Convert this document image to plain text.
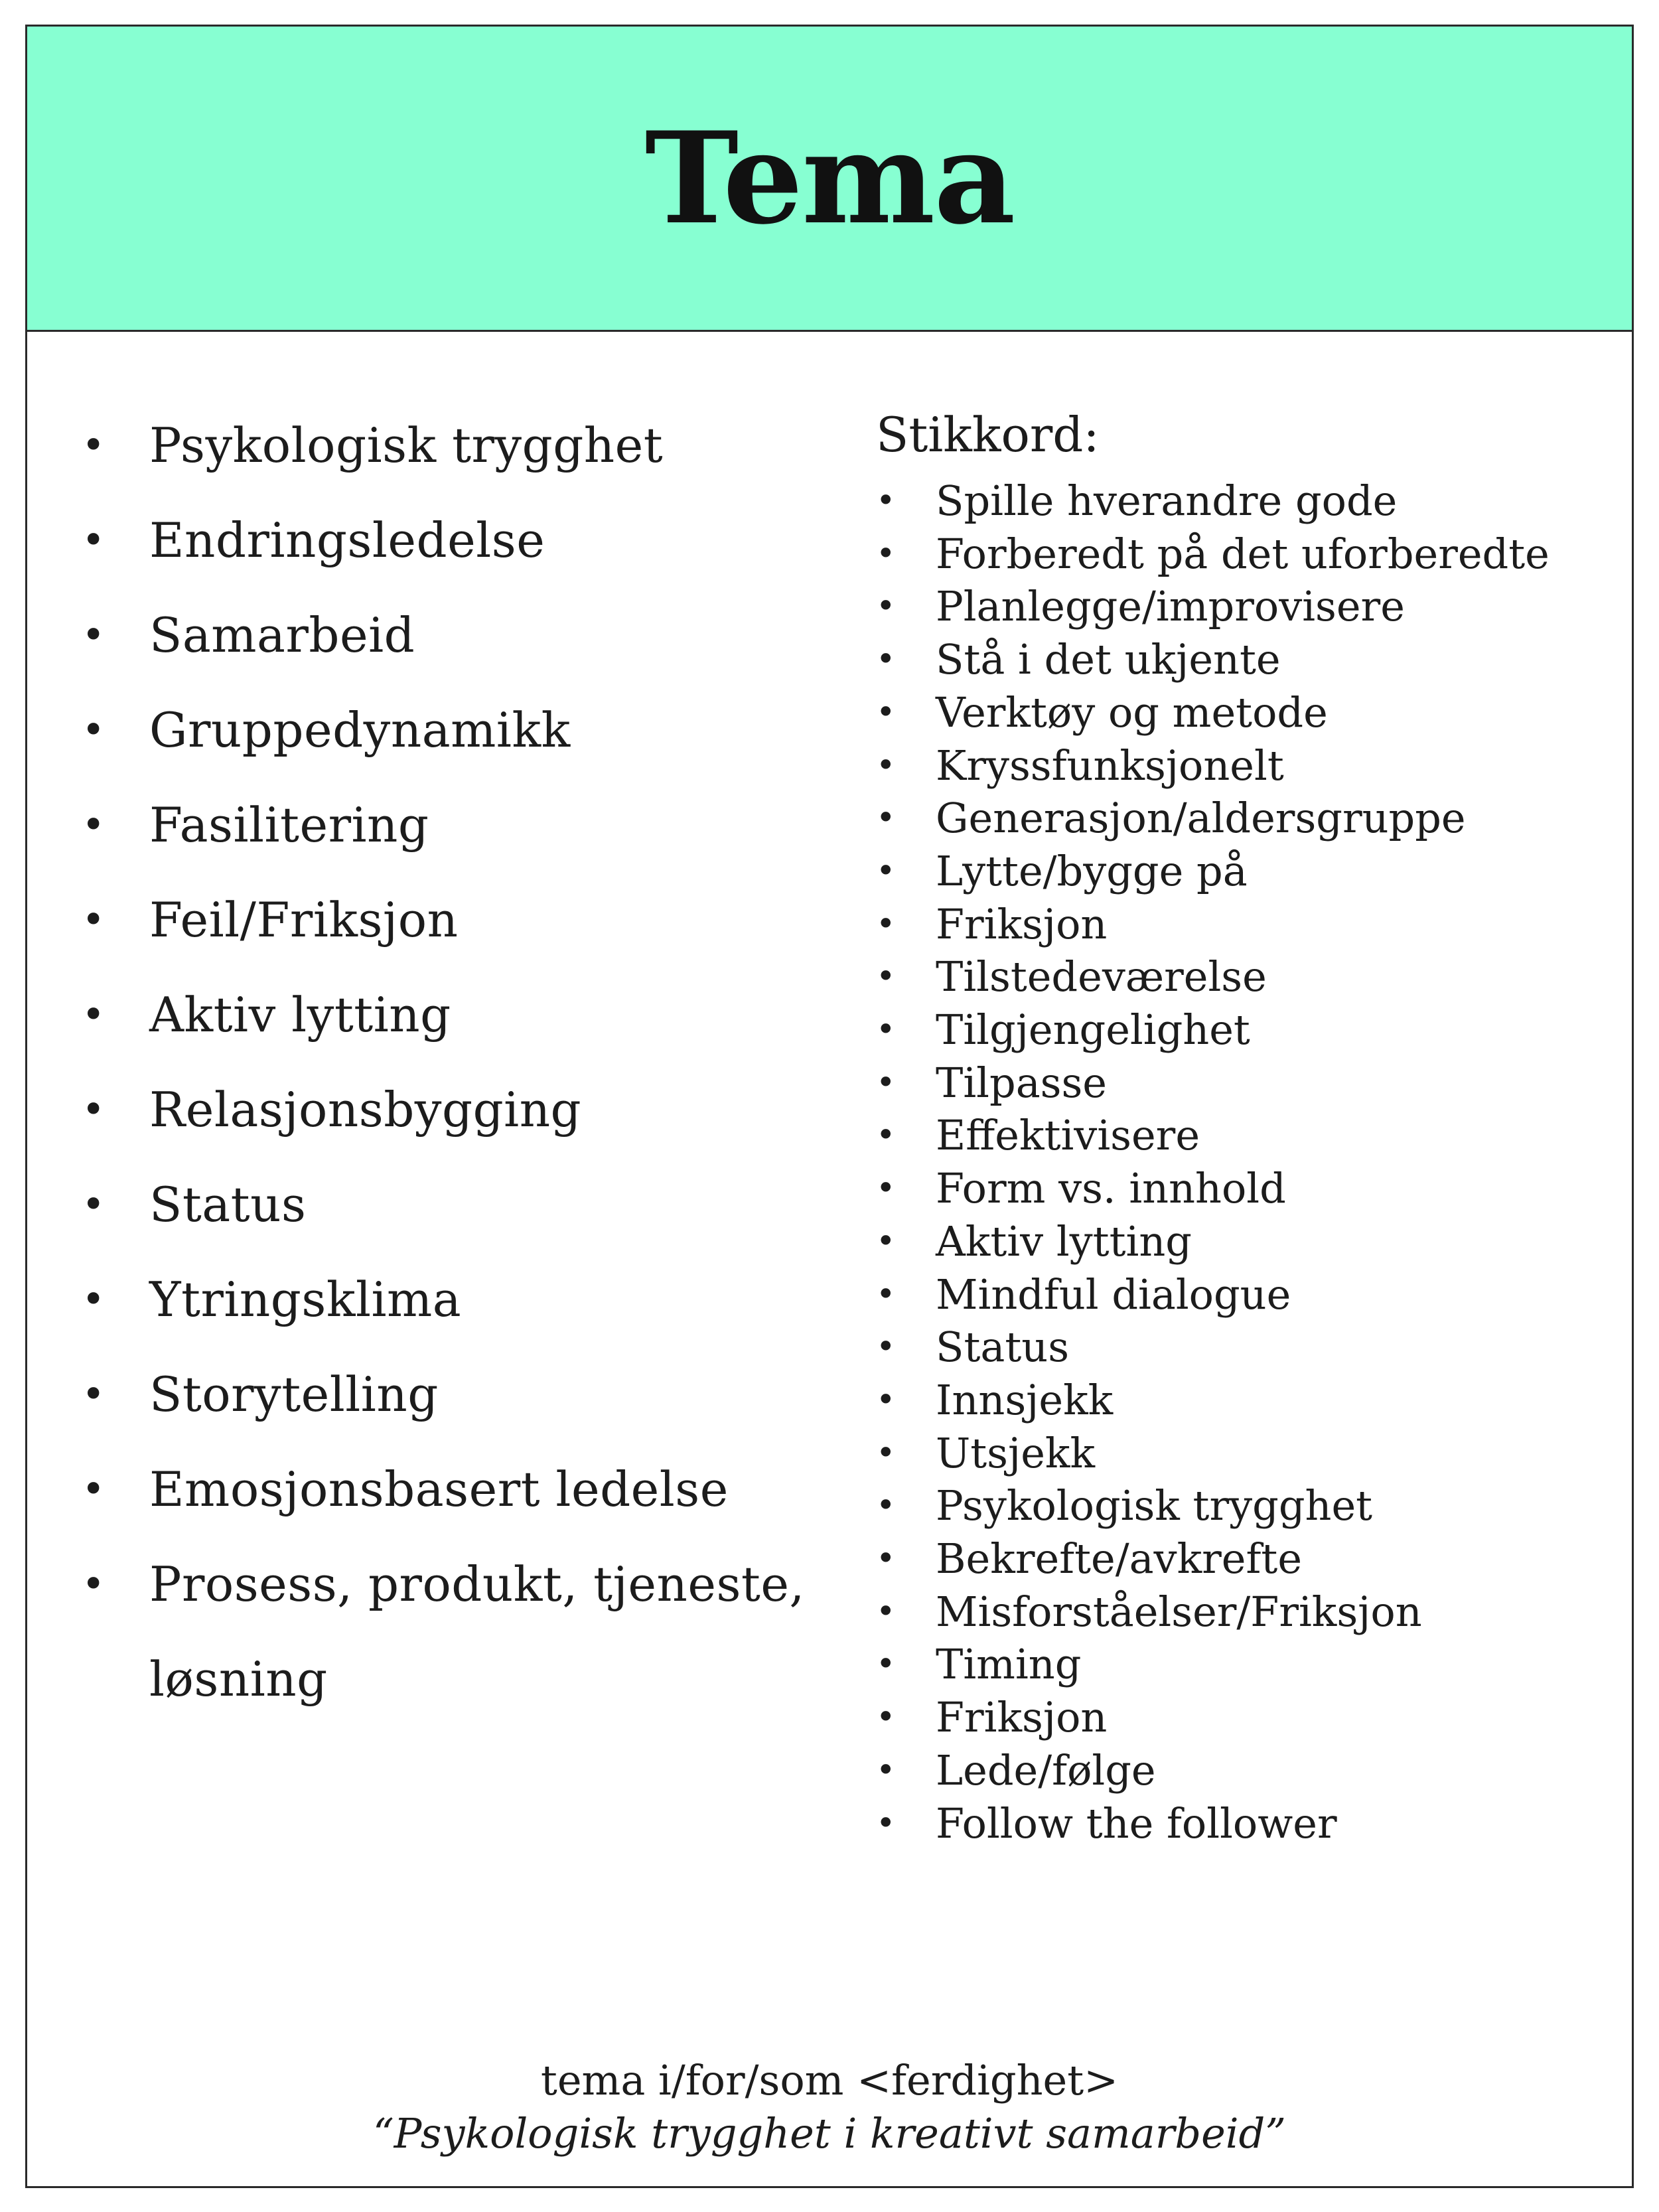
Tema
• Psykologisk trygghet
• Endringsledelse
• Samarbeid
• Gruppedynamikk
• Fasilitering
• Feil/Friksjon
• Aktiv lytting
• Relasjonsbygging
• Status
• Ytringsklima
• Storytelling
• Emosjonsbasert ledelse
• Prosess, produkt, tjeneste, løsning
Stikkord:
• Spille hverandre gode
• Forberedt på det uforberedte
• Planlegge/improvisere
• Stå i det ukjente
• Verktøy og metode
• Kryssfunksjonelt
• Generasjon/aldersgruppe
• Lytte/bygge på
• Friksjon
• Tilstedeværelse
• Tilgjengelighet
• Tilpasse
• Effektivisere
• Form vs. innhold
• Aktiv lytting
• Mindful dialogue
• Status
• Innsjekk
• Utsjekk
• Psykologisk trygghet
• Bekrefte/avkrefte
• Misforståelser/Friksjon
• Timing
• Friksjon
• Lede/følge
• Follow the follower
tema i/for/som <ferdighet>
“Psykologisk trygghet i kreativt samarbeid”
